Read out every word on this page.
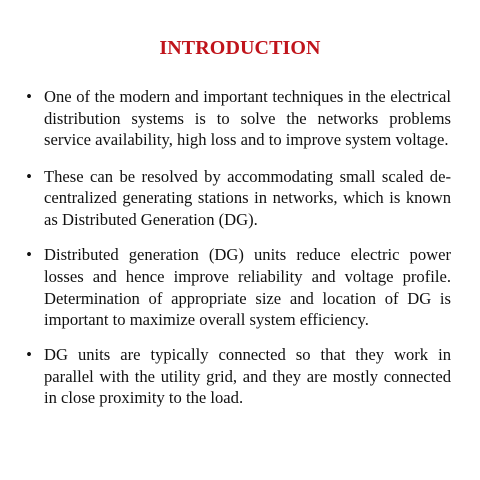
INTRODUCTION
• One of the modern and important techniques in the electrical distribution systems is to solve the networks problems service availability, high loss and to improve system voltage.
• These can be resolved by accommodating small scaled de-centralized generating stations in networks, which is known as Distributed Generation (DG).
• Distributed generation (DG) units reduce electric power losses and hence improve reliability and voltage profile. Determination of appropriate size and location of DG is important to maximize overall system efficiency.
• DG units are typically connected so that they work in parallel with the utility grid, and they are mostly connected in close proximity to the load.
